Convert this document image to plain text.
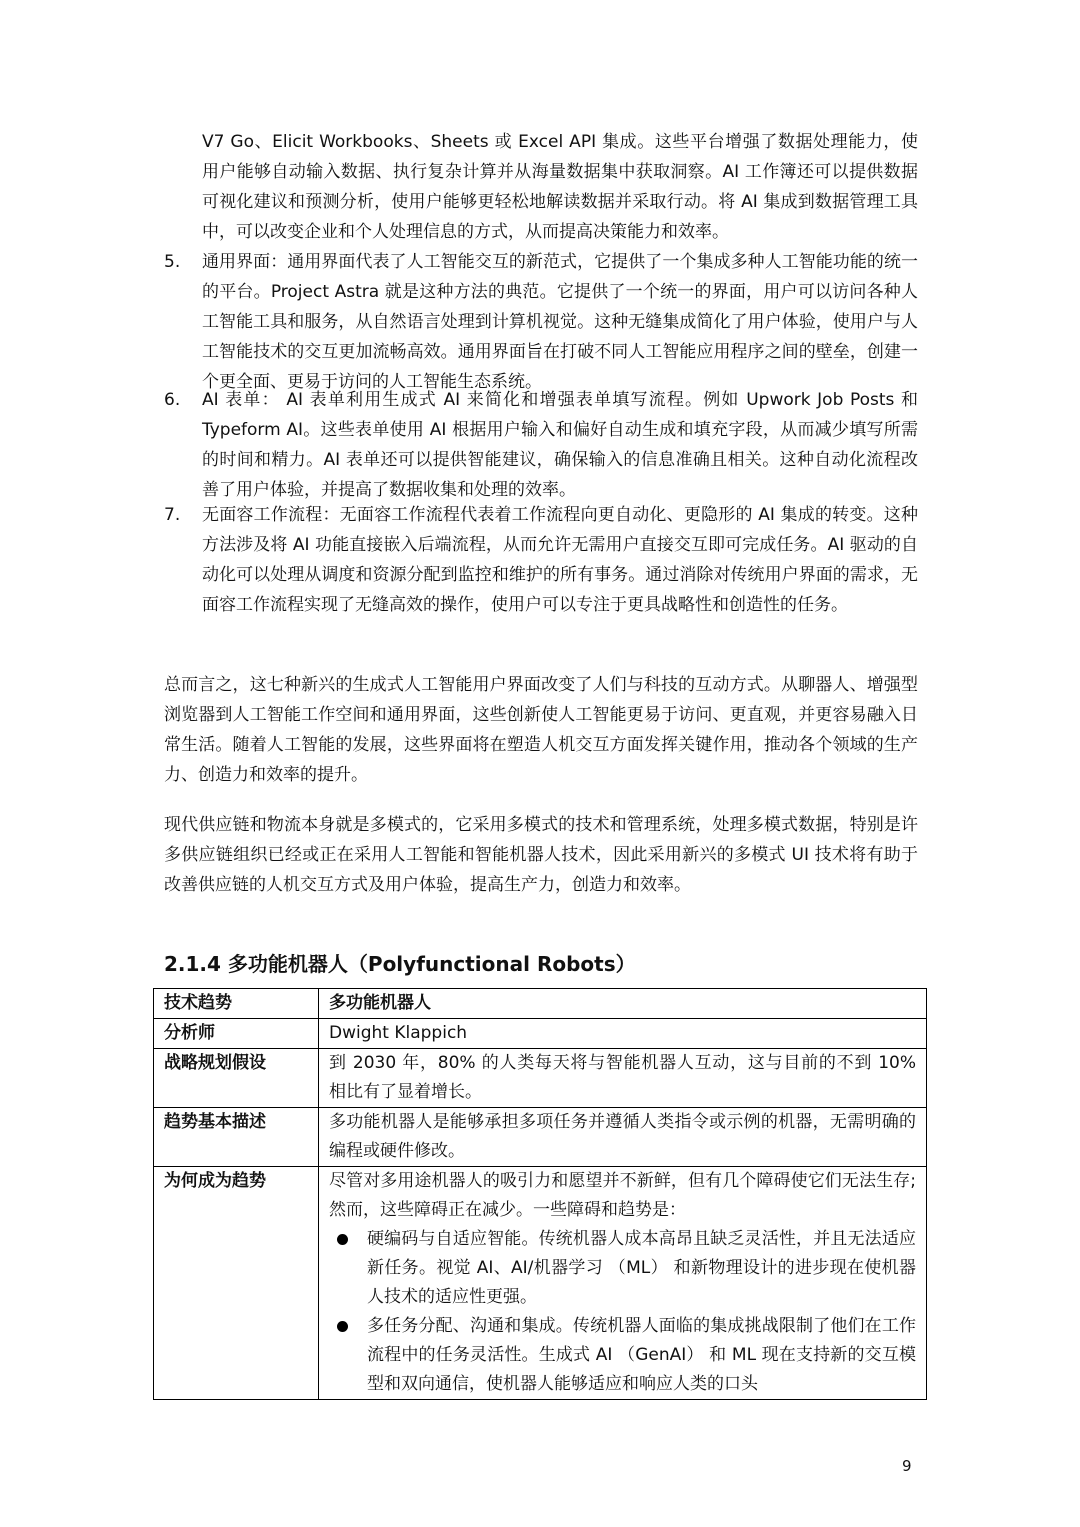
V7 Go、Elicit Workbooks、Sheets 或 Excel API 集成。这些平台增强了数据处理能力，使用户能够自动输入数据、执行复杂计算并从海量数据集中获取洞察。AI 工作簿还可以提供数据可视化建议和预测分析，使用户能够更轻松地解读数据并采取行动。将 AI 集成到数据管理工具中，可以改变企业和个人处理信息的方式，从而提高决策能力和效率。
5.	通用界面：通用界面代表了人工智能交互的新范式，它提供了一个集成多种人工智能功能的统一的平台。Project Astra 就是这种方法的典范。它提供了一个统一的界面，用户可以访问各种人工智能工具和服务，从自然语言处理到计算机视觉。这种无缝集成简化了用户体验，使用户与人工智能技术的交互更加流畅高效。通用界面旨在打破不同人工智能应用程序之间的壁垒，创建一个更全面、更易于访问的人工智能生态系统。
6.	AI 表单： AI 表单利用生成式 AI 来简化和增强表单填写流程。例如 Upwork Job Posts 和 Typeform AI。这些表单使用 AI 根据用户输入和偏好自动生成和填充字段，从而减少填写所需的时间和精力。AI 表单还可以提供智能建议，确保输入的信息准确且相关。这种自动化流程改善了用户体验，并提高了数据收集和处理的效率。
7.	无面容工作流程：无面容工作流程代表着工作流程向更自动化、更隐形的 AI 集成的转变。这种方法涉及将 AI 功能直接嵌入后端流程，从而允许无需用户直接交互即可完成任务。AI 驱动的自动化可以处理从调度和资源分配到监控和维护的所有事务。通过消除对传统用户界面的需求，无面容工作流程实现了无缝高效的操作，使用户可以专注于更具战略性和创造性的任务。
总而言之，这七种新兴的生成式人工智能用户界面改变了人们与科技的互动方式。从聊器人、增强型浏览器到人工智能工作空间和通用界面，这些创新使人工智能更易于访问、更直观，并更容易融入日常生活。随着人工智能的发展，这些界面将在塑造人机交互方面发挥关键作用，推动各个领域的生产力、创造力和效率的提升。
现代供应链和物流本身就是多模式的，它采用多模式的技术和管理系统，处理多模式数据，特别是许多供应链组织已经或正在采用人工智能和智能机器人技术，因此采用新兴的多模式 UI 技术将有助于改善供应链的人机交互方式及用户体验，提高生产力，创造力和效率。
2.1.4 多功能机器人（Polyfunctional Robots）
技术趋势	多功能机器人
分析师	Dwight Klappich
战略规划假设	到 2030 年，80% 的人类每天将与智能机器人互动，这与目前的不到 10% 相比有了显着增长。
趋势基本描述	多功能机器人是能够承担多项任务并遵循人类指令或示例的机器，无需明确的编程或硬件修改。
为何成为趋势	尽管对多用途机器人的吸引力和愿望并不新鲜，但有几个障碍使它们无法生存;然而，这些障碍正在减少。一些障碍和趋势是：
硬编码与自适应智能。传统机器人成本高昂且缺乏灵活性，并且无法适应新任务。视觉 AI、AI/机器学习 （ML） 和新物理设计的进步现在使机器人技术的适应性更强。
多任务分配、沟通和集成。传统机器人面临的集成挑战限制了他们在工作流程中的任务灵活性。生成式 AI （GenAI） 和 ML 现在支持新的交互模型和双向通信，使机器人能够适应和响应人类的口头
9
